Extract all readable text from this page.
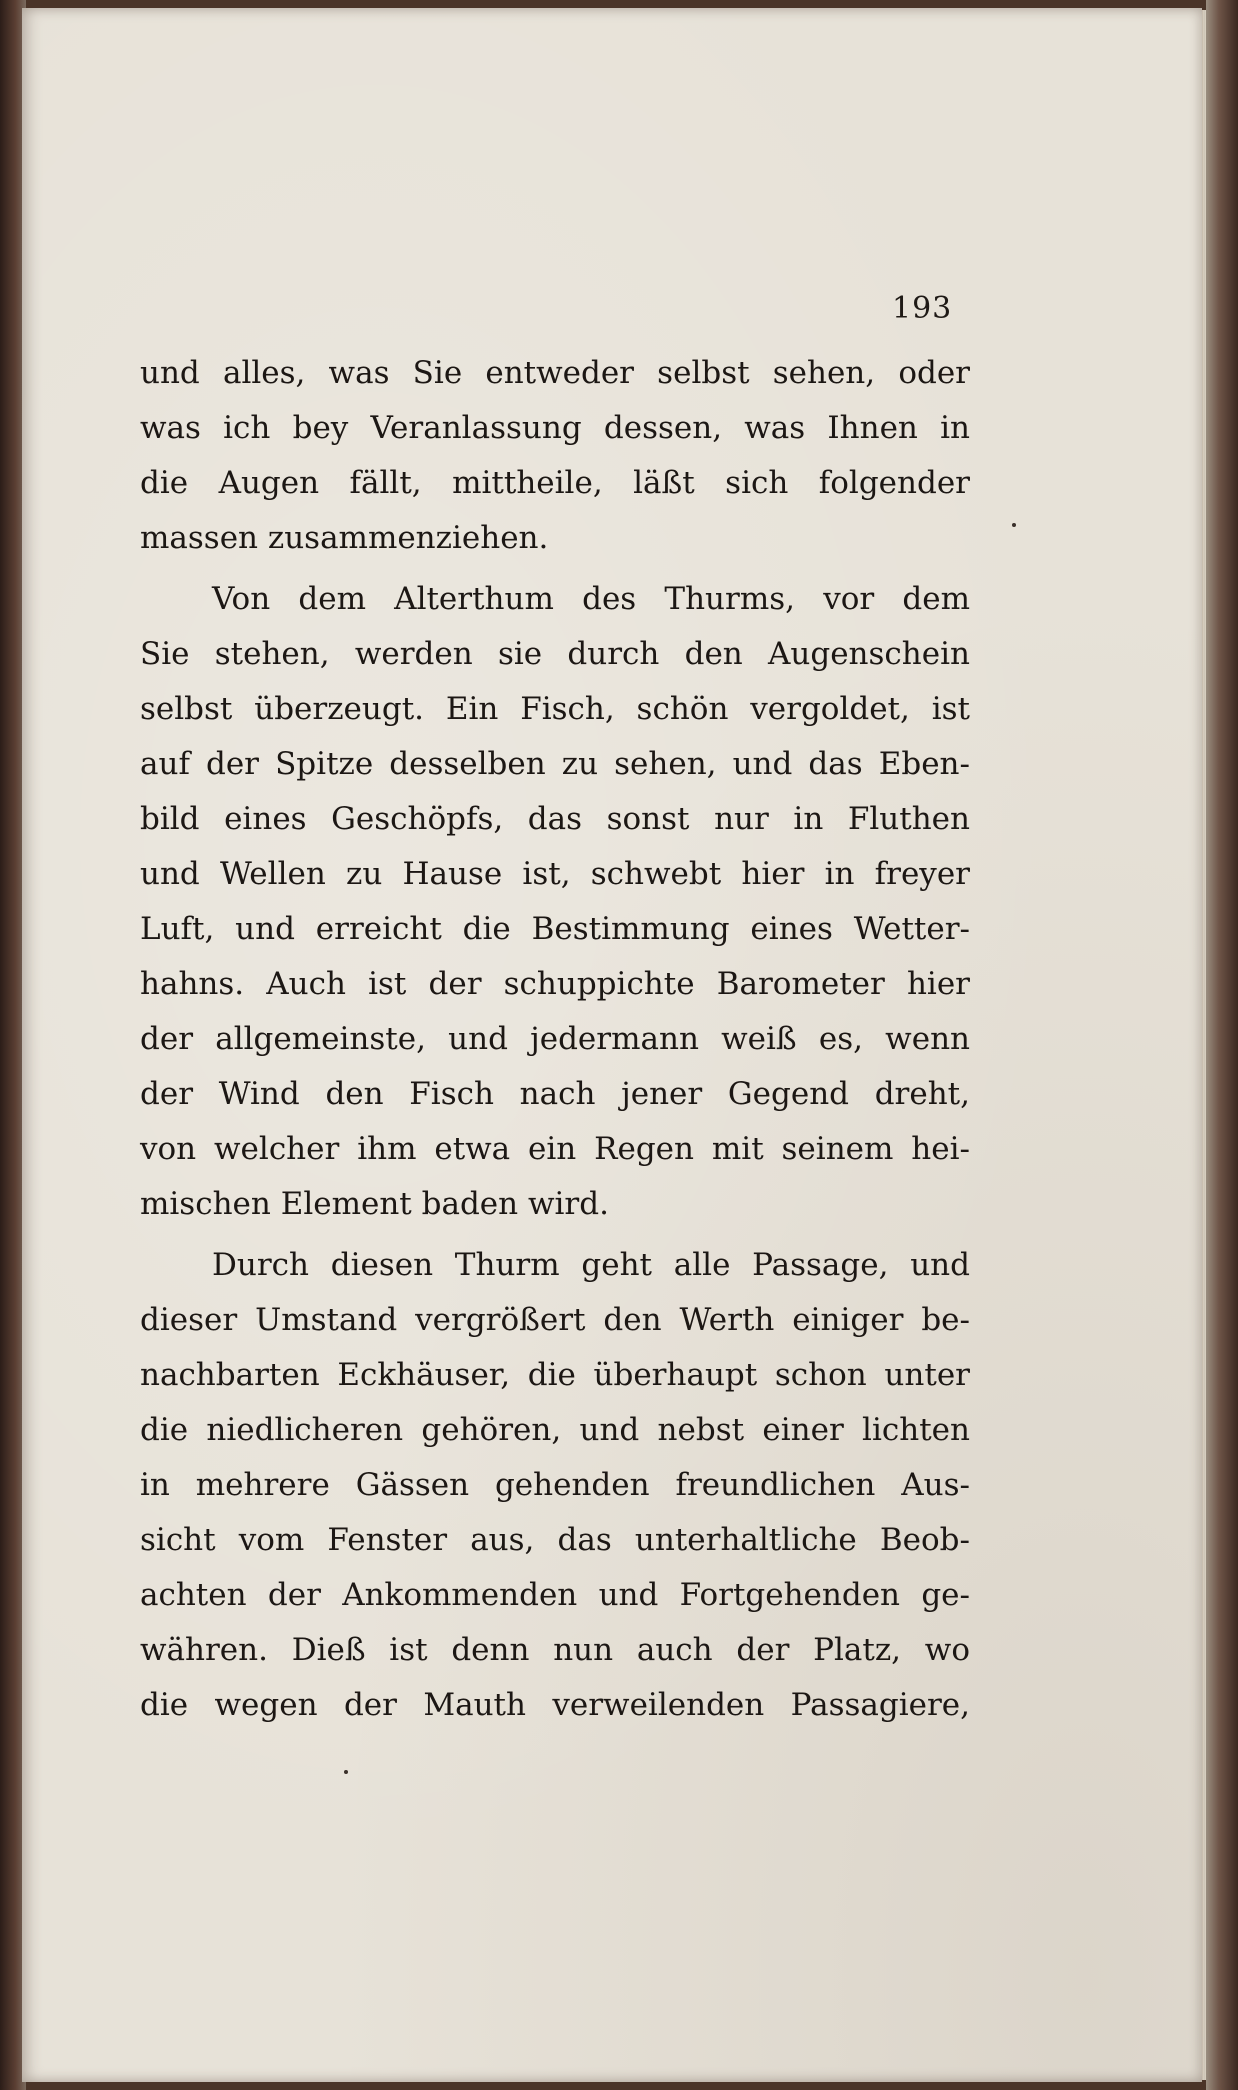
193
und alles, was Sie entweder selbst sehen, oder
was ich bey Veranlassung dessen, was Ihnen in
die Augen fällt, mittheile, läßt sich folgender
massen zusammenziehen.
Von dem Alterthum des Thurms, vor dem
Sie stehen, werden sie durch den Augenschein
selbst überzeugt. Ein Fisch, schön vergoldet, ist
auf der Spitze desselben zu sehen, und das Eben-
bild eines Geschöpfs, das sonst nur in Fluthen
und Wellen zu Hause ist, schwebt hier in freyer
Luft, und erreicht die Bestimmung eines Wetter-
hahns. Auch ist der schuppichte Barometer hier
der allgemeinste, und jedermann weiß es, wenn
der Wind den Fisch nach jener Gegend dreht,
von welcher ihm etwa ein Regen mit seinem hei-
mischen Element baden wird.
Durch diesen Thurm geht alle Passage, und
dieser Umstand vergrößert den Werth einiger be-
nachbarten Eckhäuser, die überhaupt schon unter
die niedlicheren gehören, und nebst einer lichten
in mehrere Gässen gehenden freundlichen Aus-
sicht vom Fenster aus, das unterhaltliche Beob-
achten der Ankommenden und Fortgehenden ge-
währen. Dieß ist denn nun auch der Platz, wo
die wegen der Mauth verweilenden Passagiere,
